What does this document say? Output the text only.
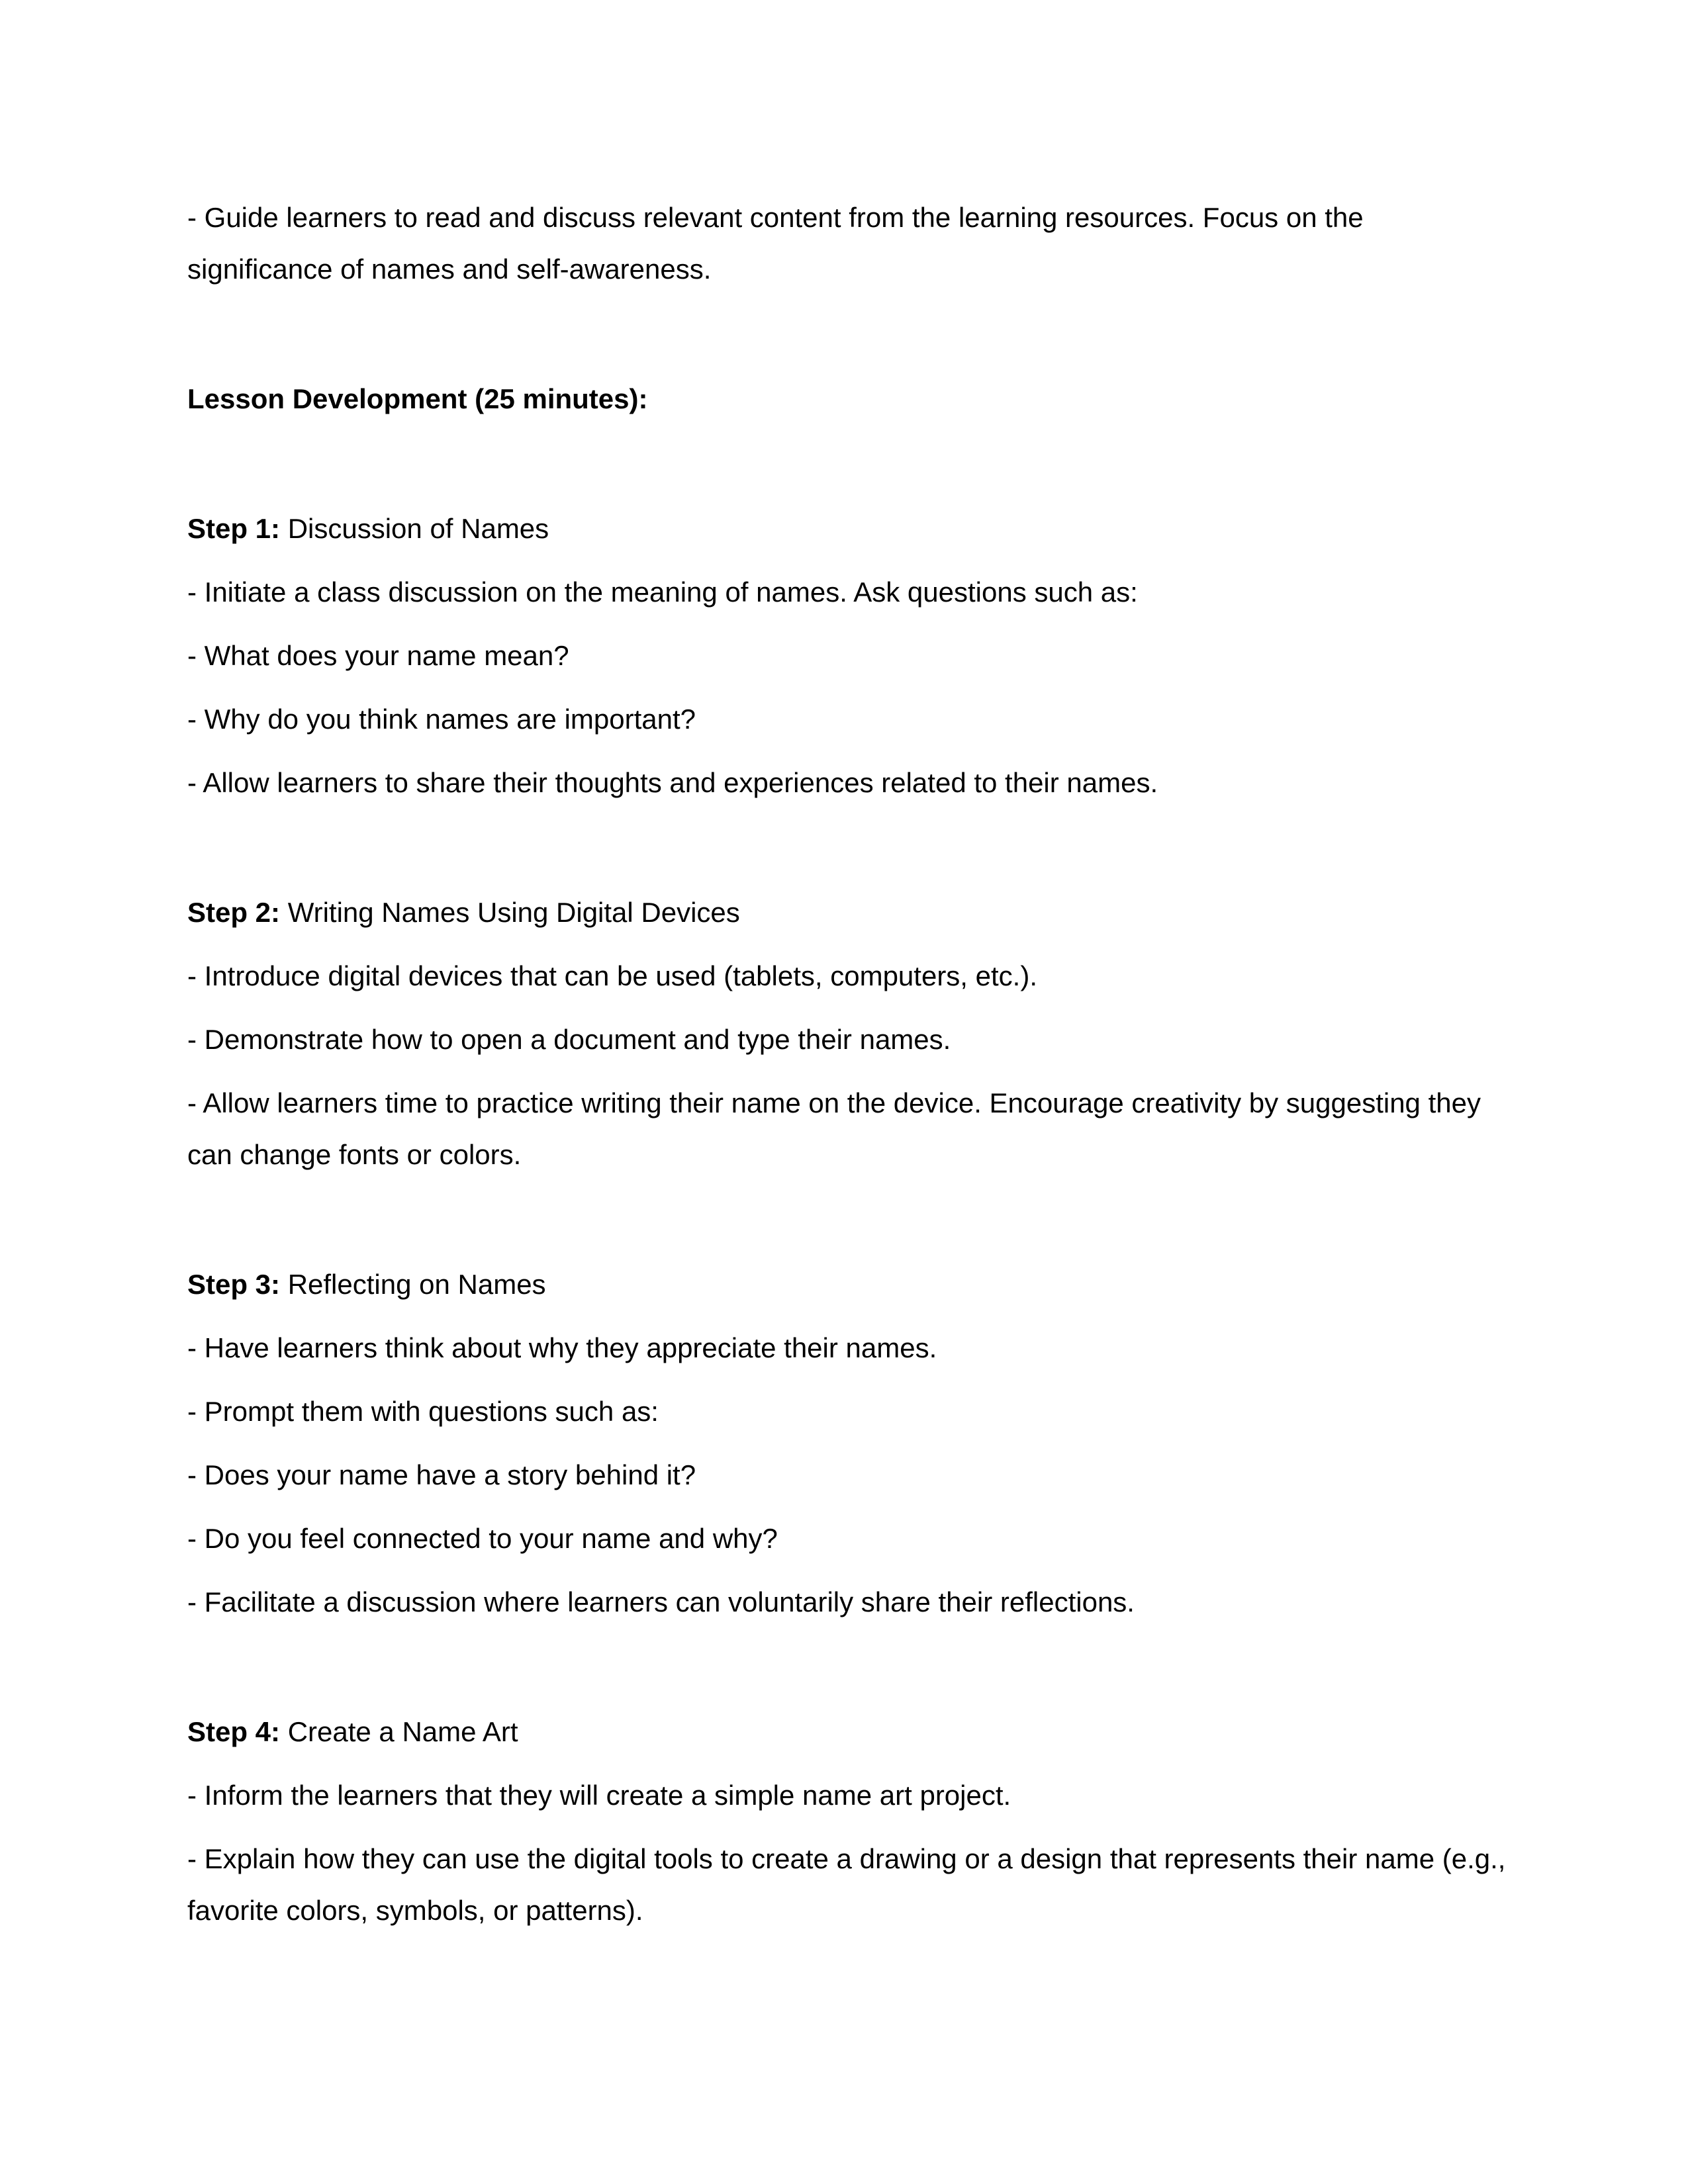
- Guide learners to read and discuss relevant content from the learning resources. Focus on the significance of names and self-awareness.

Lesson Development (25 minutes):

Step 1: Discussion of Names

- Initiate a class discussion on the meaning of names. Ask questions such as:

- What does your name mean?

- Why do you think names are important?

- Allow learners to share their thoughts and experiences related to their names.

Step 2: Writing Names Using Digital Devices

- Introduce digital devices that can be used (tablets, computers, etc.).

- Demonstrate how to open a document and type their names.

- Allow learners time to practice writing their name on the device. Encourage creativity by suggesting they can change fonts or colors.

Step 3: Reflecting on Names

- Have learners think about why they appreciate their names.

- Prompt them with questions such as:

- Does your name have a story behind it?

- Do you feel connected to your name and why?

- Facilitate a discussion where learners can voluntarily share their reflections.

Step 4: Create a Name Art

- Inform the learners that they will create a simple name art project.

- Explain how they can use the digital tools to create a drawing or a design that represents their name (e.g., favorite colors, symbols, or patterns).
